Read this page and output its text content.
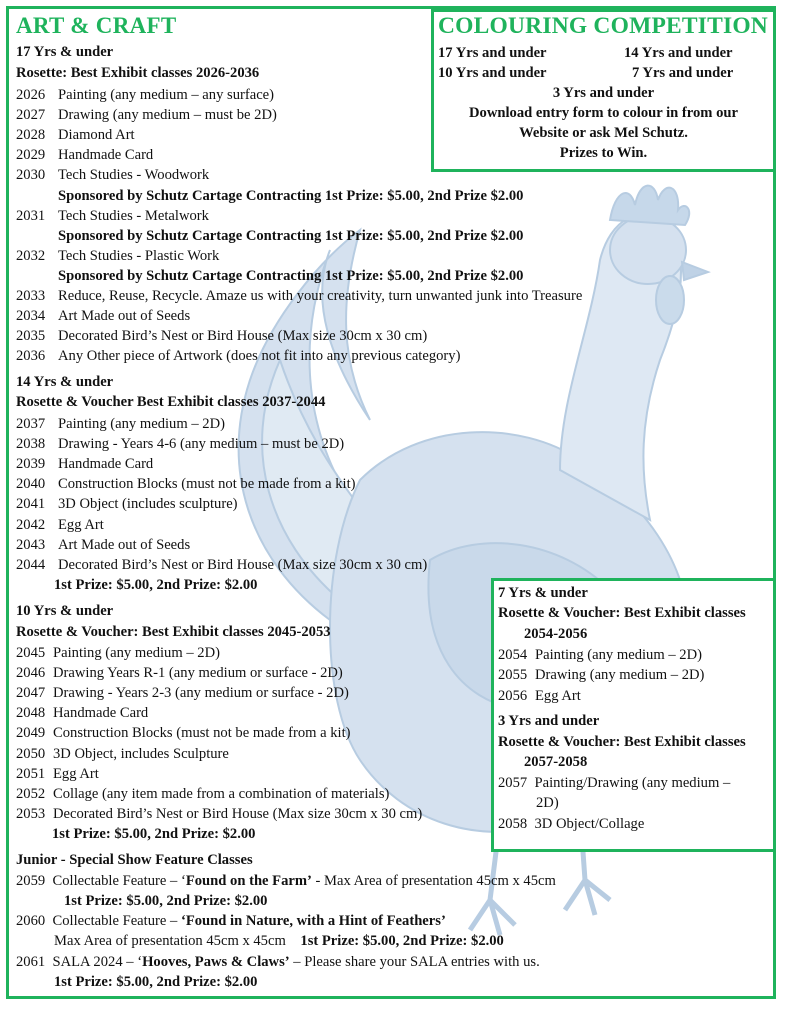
ART & CRAFT
17 Yrs & under
Rosette: Best Exhibit classes 2026-2036
2026 Painting (any medium – any surface)
2027 Drawing (any medium – must be 2D)
2028 Diamond Art
2029 Handmade Card
2030 Tech Studies - Woodwork
Sponsored by Schutz Cartage Contracting 1st Prize: $5.00, 2nd Prize $2.00
2031 Tech Studies - Metalwork
Sponsored by Schutz Cartage Contracting 1st Prize: $5.00, 2nd Prize $2.00
2032 Tech Studies - Plastic Work
Sponsored by Schutz Cartage Contracting 1st Prize: $5.00, 2nd Prize $2.00
2033 Reduce, Reuse, Recycle. Amaze us with your creativity, turn unwanted junk into Treasure
2034 Art Made out of Seeds
2035 Decorated Bird’s Nest or Bird House (Max size 30cm x 30 cm)
2036 Any Other piece of Artwork (does not fit into any previous category)
14 Yrs & under
Rosette & Voucher Best Exhibit classes 2037-2044
2037 Painting (any medium – 2D)
2038 Drawing - Years 4-6 (any medium – must be 2D)
2039 Handmade Card
2040 Construction Blocks (must not be made from a kit)
2041 3D Object (includes sculpture)
2042 Egg Art
2043 Art Made out of Seeds
2044 Decorated Bird’s Nest or Bird House (Max size 30cm x 30 cm)
1st Prize: $5.00, 2nd Prize: $2.00
10 Yrs & under
Rosette & Voucher: Best Exhibit classes 2045-2053
2045 Painting (any medium – 2D)
2046 Drawing Years R-1 (any medium or surface - 2D)
2047 Drawing - Years 2-3 (any medium or surface - 2D)
2048 Handmade Card
2049 Construction Blocks (must not be made from a kit)
2050 3D Object, includes Sculpture
2051 Egg Art
2052 Collage (any item made from a combination of materials)
2053 Decorated Bird’s Nest or Bird House (Max size 30cm x 30 cm)
1st Prize: $5.00, 2nd Prize: $2.00
Junior - Special Show Feature Classes
2059 Collectable Feature – ‘Found on the Farm’ - Max Area of presentation 45cm x 45cm
1st Prize: $5.00, 2nd Prize: $2.00
2060 Collectable Feature – ‘Found in Nature, with a Hint of Feathers’
Max Area of presentation 45cm x 45cm 1st Prize: $5.00, 2nd Prize: $2.00
2061 SALA 2024 – ‘Hooves, Paws & Claws’ – Please share your SALA entries with us.
1st Prize: $5.00, 2nd Prize: $2.00
COLOURING COMPETITION
17 Yrs and under	14 Yrs and under
10 Yrs and under	7 Yrs and under
3 Yrs and under
Download entry form to colour in from our
Website or ask Mel Schutz.
Prizes to Win.
7 Yrs & under
Rosette & Voucher: Best Exhibit classes
2054-2056
2054 Painting (any medium – 2D)
2055 Drawing (any medium – 2D)
2056 Egg Art
3 Yrs and under
Rosette & Voucher: Best Exhibit classes
2057-2058
2057 Painting/Drawing (any medium –
2D)
2058 3D Object/Collage
